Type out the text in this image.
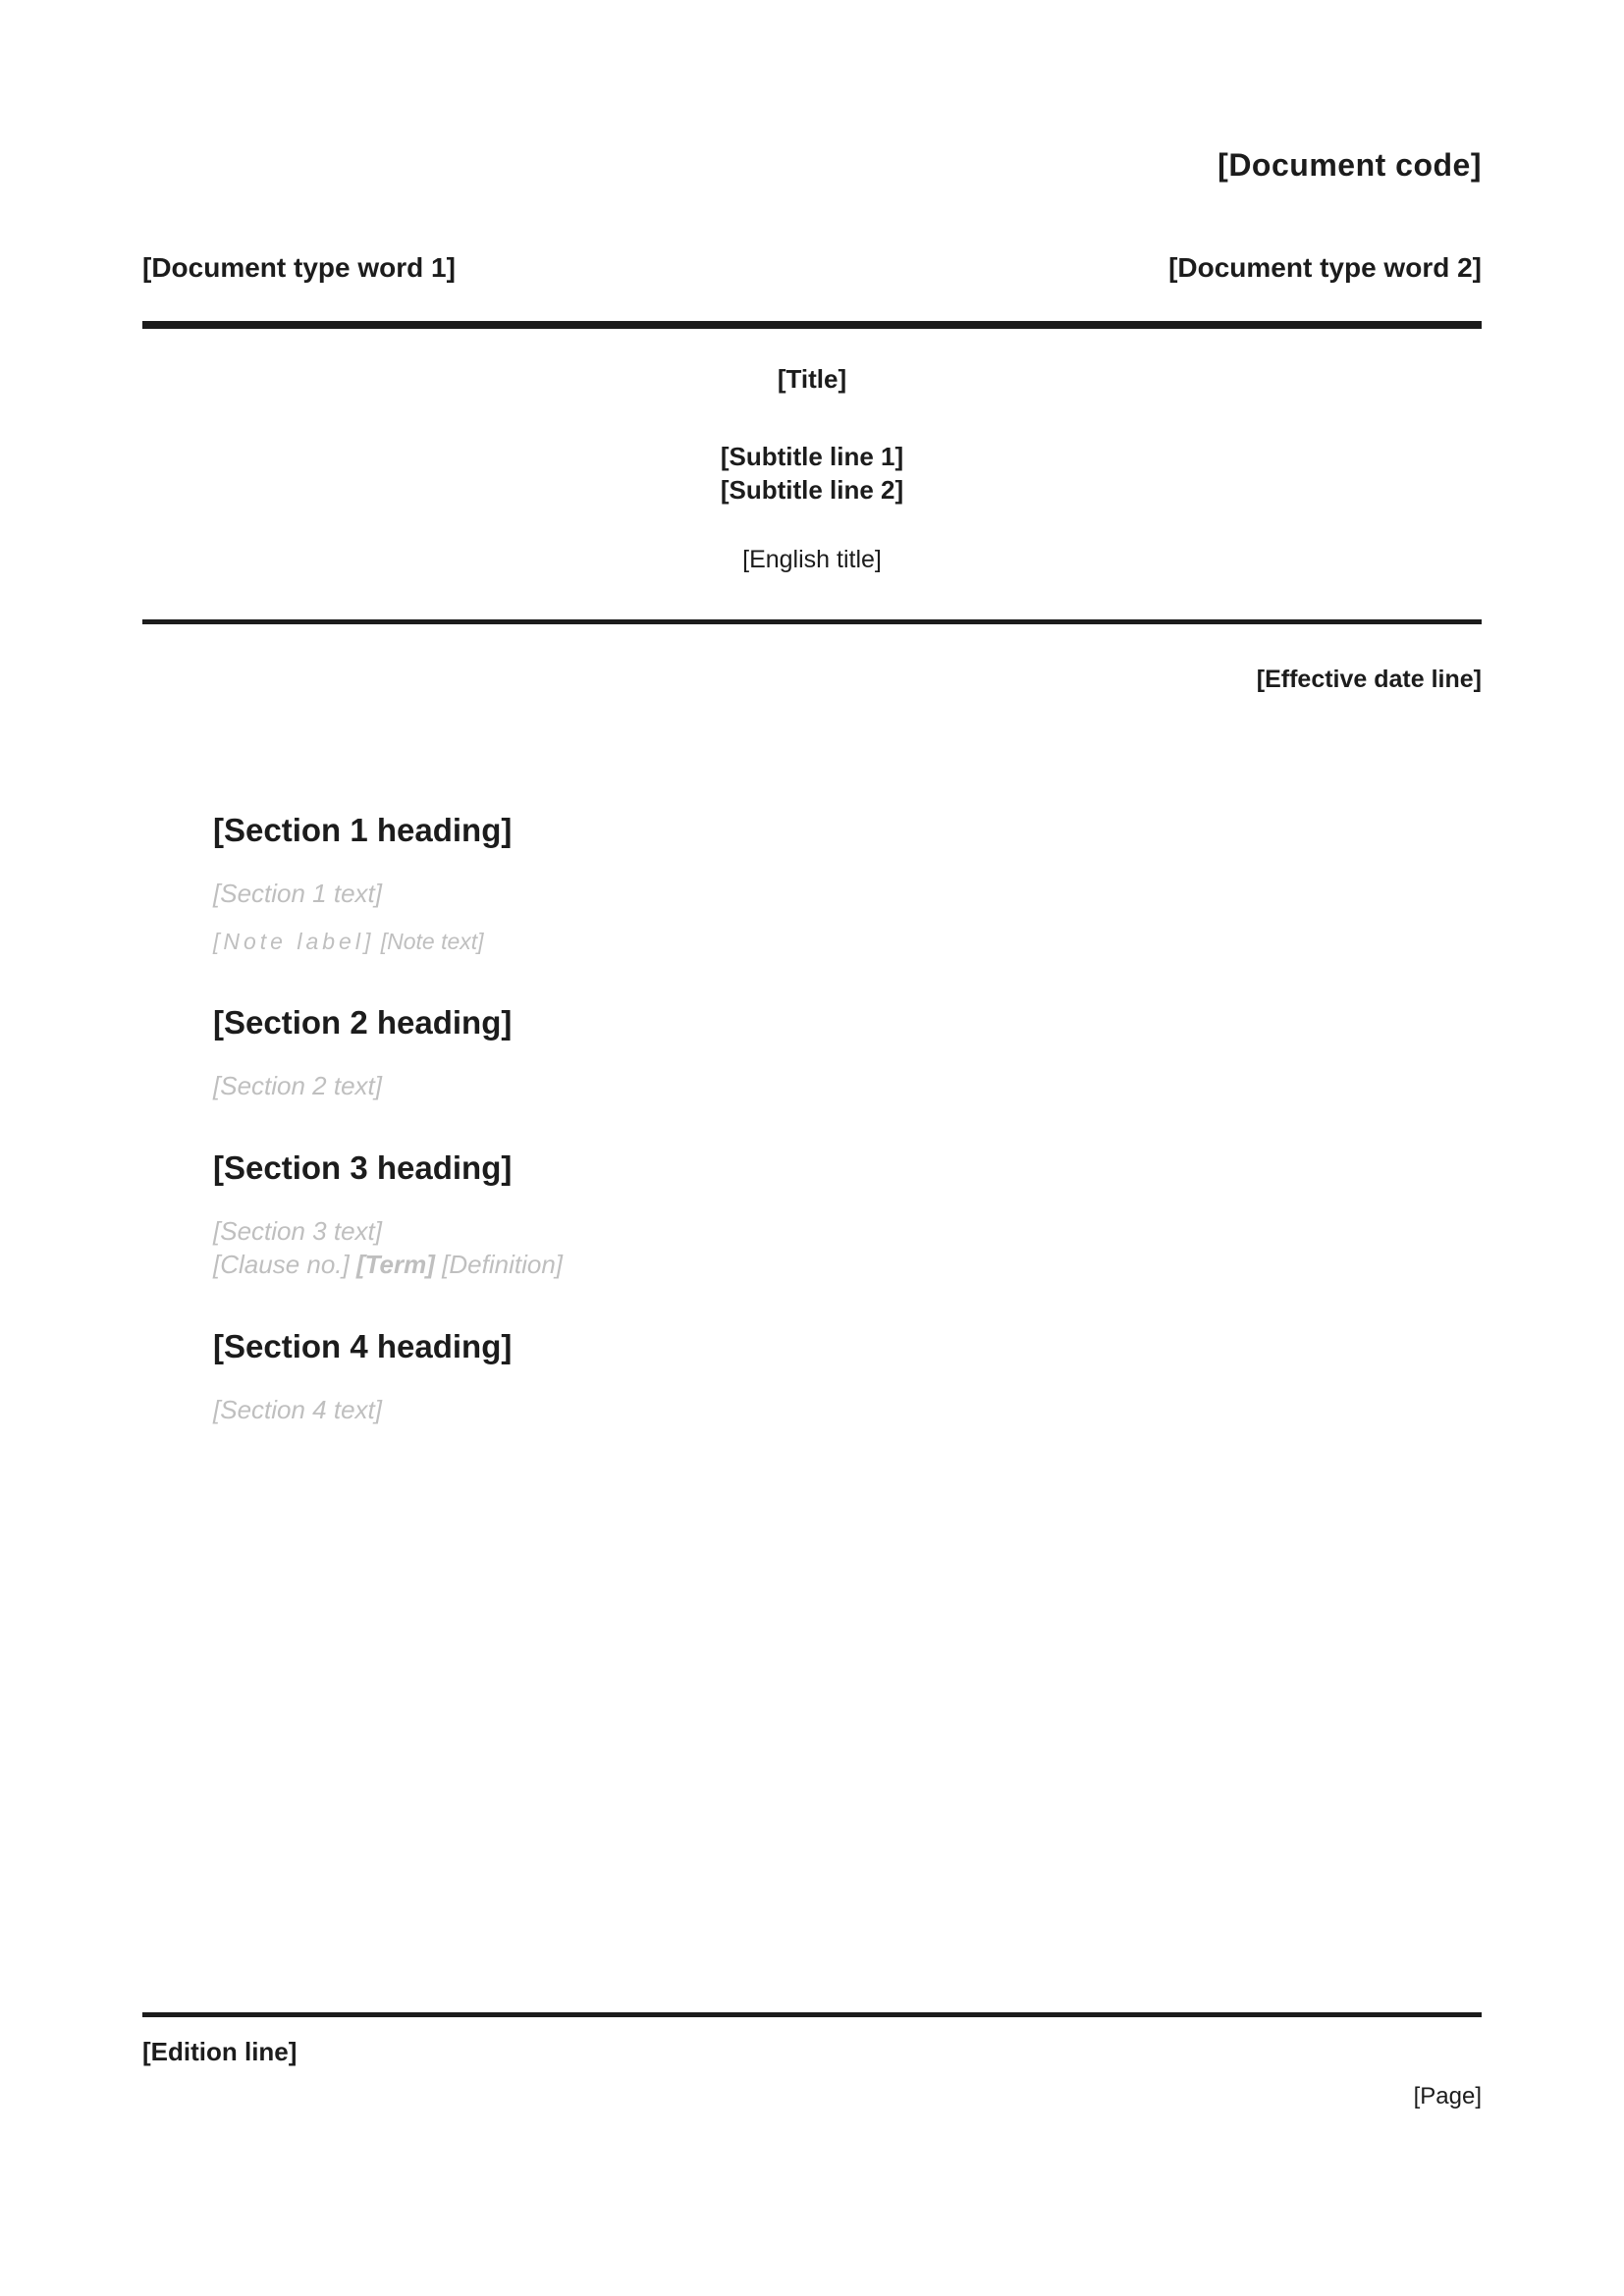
[Document code]
[Document type word 1]	[Document type word 2]
[Title]
[Subtitle line 1]
[Subtitle line 2]
[English title]
[Effective date line]
[Section 1 heading]

[Section 1 text]

[Note label] [Note text]

[Section 2 heading]

[Section 2 text]

[Section 3 heading]

[Section 3 text]

[Clause no.] [Term] [Definition]

[Section 4 heading]

[Section 4 text]

[Edition line]
[Page]
